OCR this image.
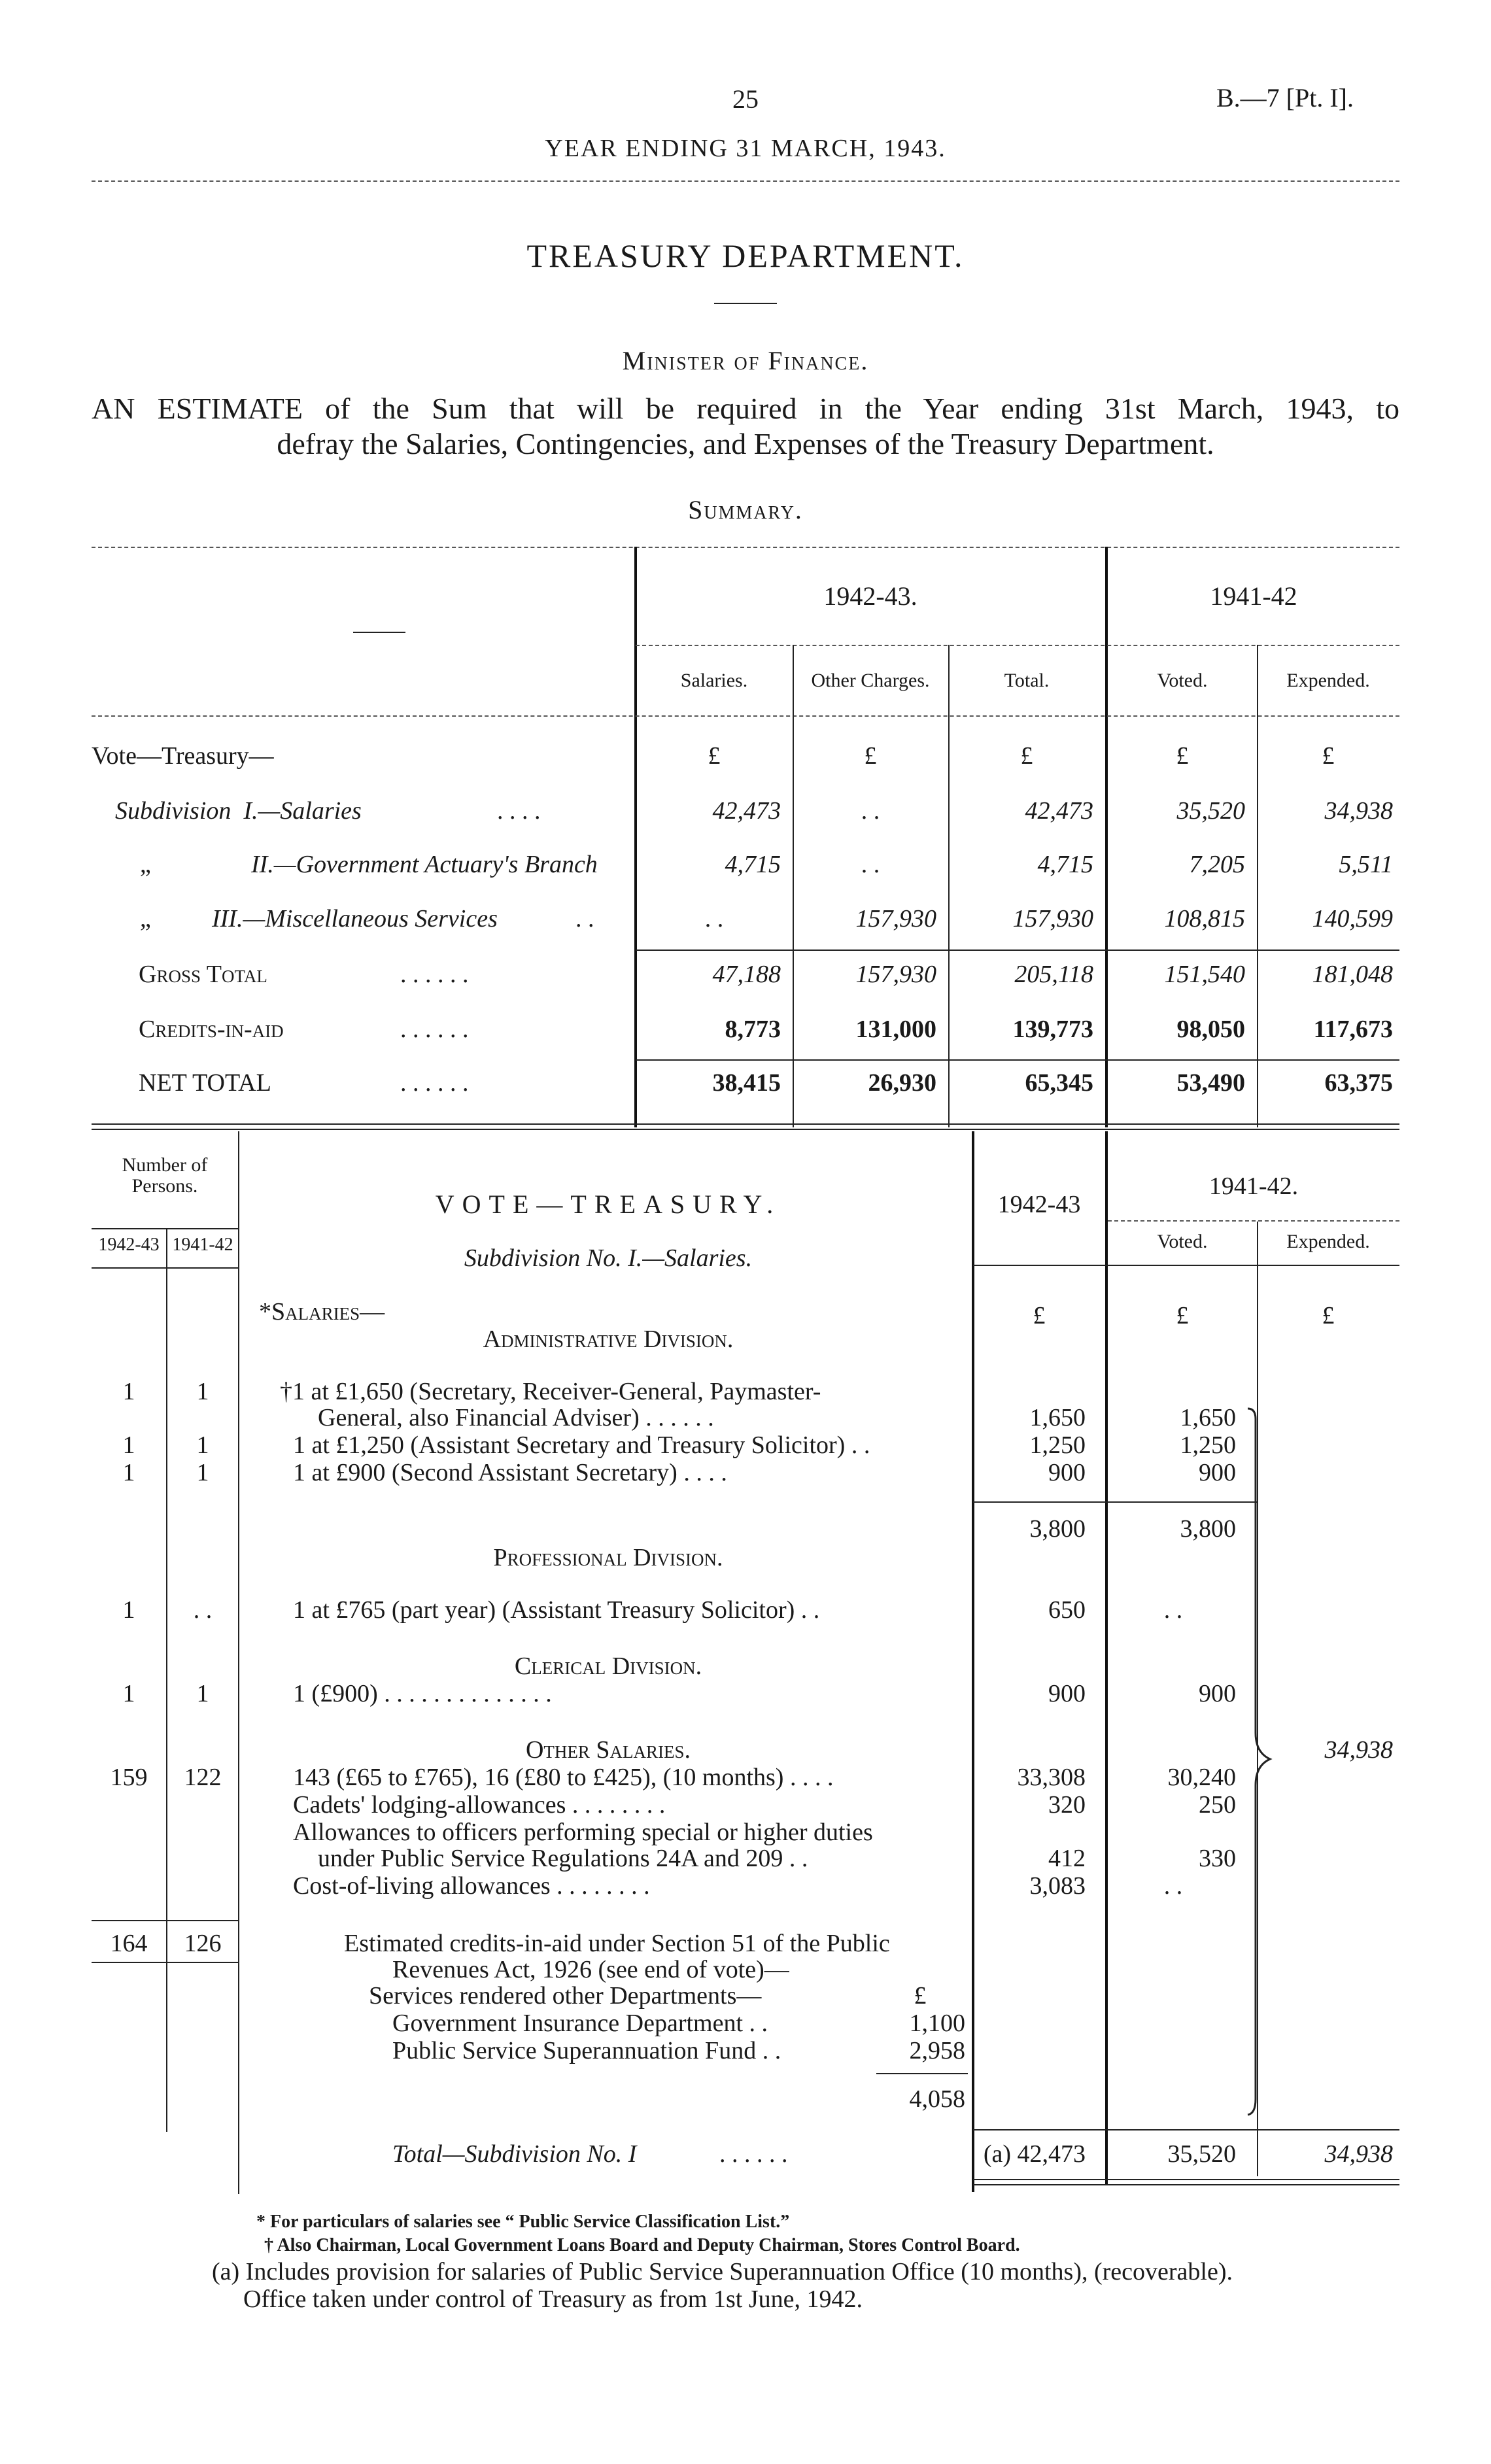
25	B.—7 [Pt. I].
YEAR ENDING 31 MARCH, 1943.
TREASURY DEPARTMENT.
Minister of Finance.
AN ESTIMATE of the Sum that will be required in the Year ending 31st March, 1943, to
defray the Salaries, Contingencies, and Expenses of the Treasury Department.
Summary.
1942-43.	1941-42
Salaries.	Other Charges.	Total.	Voted.	Expended.
£	£	£	£	£
Vote—Treasury—
Subdivision I.—Salaries	. . . .	42,473	. .	42,473	35,520	34,938
„	II.—Government Actuary's Branch	4,715	. .	4,715	7,205	5,511
„ III.—Miscellaneous Services	. .	. .	157,930	157,930	108,815	140,599
Gross Total	. . . . . .	47,188	157,930	205,118	151,540	181,048
Credits-in-aid	. . . . . .	8,773	131,000	139,773	98,050	117,673
NET TOTAL	. . . . . .	38,415	26,930	65,345	53,490	63,375
Number of Persons.
1942-43 1941-42
VOTE—TREASURY.
Subdivision No. I.—Salaries.
1942-43
1941-42.
Voted.	Expended.
£	£	£
*Salaries—
Administrative Division.
1	1	†1 at £1,650 (Secretary, Receiver-General, Paymaster-
General, also Financial Adviser) . . . . . .	1,650	1,650
1	1	1 at £1,250 (Assistant Secretary and Treasury Solicitor) . .	1,250	1,250
1	1	1 at £900 (Second Assistant Secretary) . . . .	900	900
3,800	3,800
Professional Division.
1	. .	1 at £765 (part year) (Assistant Treasury Solicitor) . .	650	. .
Clerical Division.
1	1	1 (£900) . . . . . . . . . . . . . .	900	900
Other Salaries.
159	122	143 (£65 to £765), 16 (£80 to £425), (10 months) . . . .	33,308	30,240
Cadets' lodging-allowances . . . . . . . .	320	250
Allowances to officers performing special or higher duties
under Public Service Regulations 24A and 209 . .	412	330
Cost-of-living allowances . . . . . . . .	3,083	. .
34,938
164	126	Estimated credits-in-aid under Section 51 of the Public
Revenues Act, 1926 (see end of vote)—
Services rendered other Departments—	£
Government Insurance Department . .	1,100
Public Service Superannuation Fund . .	2,958
4,058
Total—Subdivision No. I	. . . . . .	(a) 42,473	35,520	34,938
* For particulars of salaries see “ Public Service Classification List.”
† Also Chairman, Local Government Loans Board and Deputy Chairman, Stores Control Board.
(a) Includes provision for salaries of Public Service Superannuation Office (10 months), (recoverable).
Office taken under control of Treasury as from 1st June, 1942.
